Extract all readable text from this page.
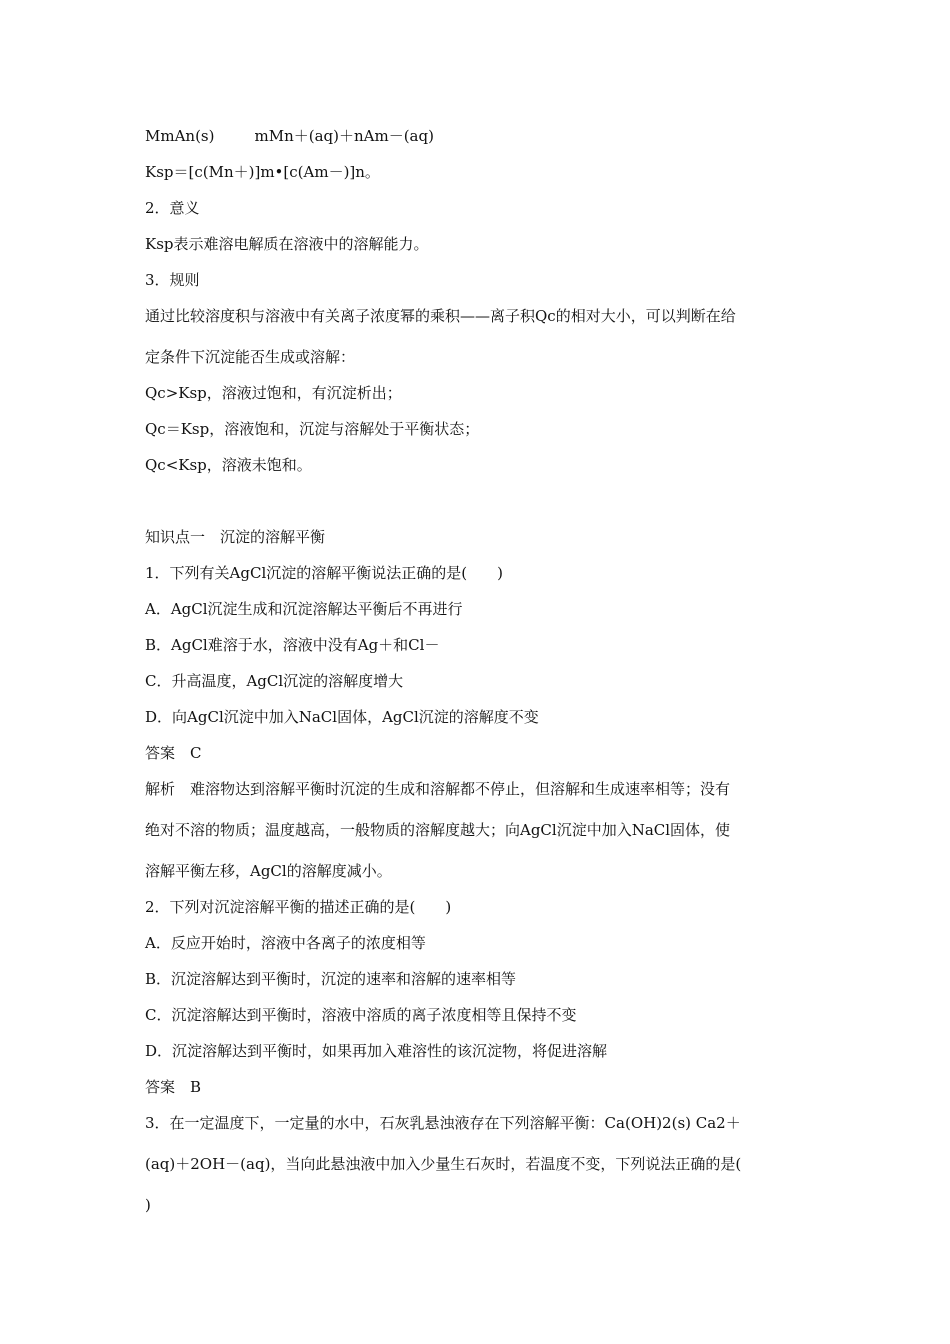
MmAn(s)	mMn＋(aq)＋nAm－(aq)
Ksp＝[c(Mn＋)]m•[c(Am－)]n。
2．意义
Ksp表示难溶电解质在溶液中的溶解能力。
3．规则
通过比较溶度积与溶液中有关离子浓度幂的乘积——离子积Qc的相对大小，可以判断在给
定条件下沉淀能否生成或溶解：
Qc>Ksp，溶液过饱和，有沉淀析出；
Qc＝Ksp，溶液饱和，沉淀与溶解处于平衡状态；
Qc<Ksp，溶液未饱和。
知识点一　沉淀的溶解平衡
1．下列有关AgCl沉淀的溶解平衡说法正确的是(　　)
A．AgCl沉淀生成和沉淀溶解达平衡后不再进行
B．AgCl难溶于水，溶液中没有Ag＋和Cl－
C．升高温度，AgCl沉淀的溶解度增大
D．向AgCl沉淀中加入NaCl固体，AgCl沉淀的溶解度不变
答案　C
解析　难溶物达到溶解平衡时沉淀的生成和溶解都不停止，但溶解和生成速率相等；没有
绝对不溶的物质；温度越高，一般物质的溶解度越大；向AgCl沉淀中加入NaCl固体，使
溶解平衡左移，AgCl的溶解度减小。
2．下列对沉淀溶解平衡的描述正确的是(　　)
A．反应开始时，溶液中各离子的浓度相等
B．沉淀溶解达到平衡时，沉淀的速率和溶解的速率相等
C．沉淀溶解达到平衡时，溶液中溶质的离子浓度相等且保持不变
D．沉淀溶解达到平衡时，如果再加入难溶性的该沉淀物，将促进溶解
答案　B
3．在一定温度下，一定量的水中，石灰乳悬浊液存在下列溶解平衡：Ca(OH)2(s) Ca2＋
(aq)＋2OH－(aq)，当向此悬浊液中加入少量生石灰时，若温度不变，下列说法正确的是(
)
